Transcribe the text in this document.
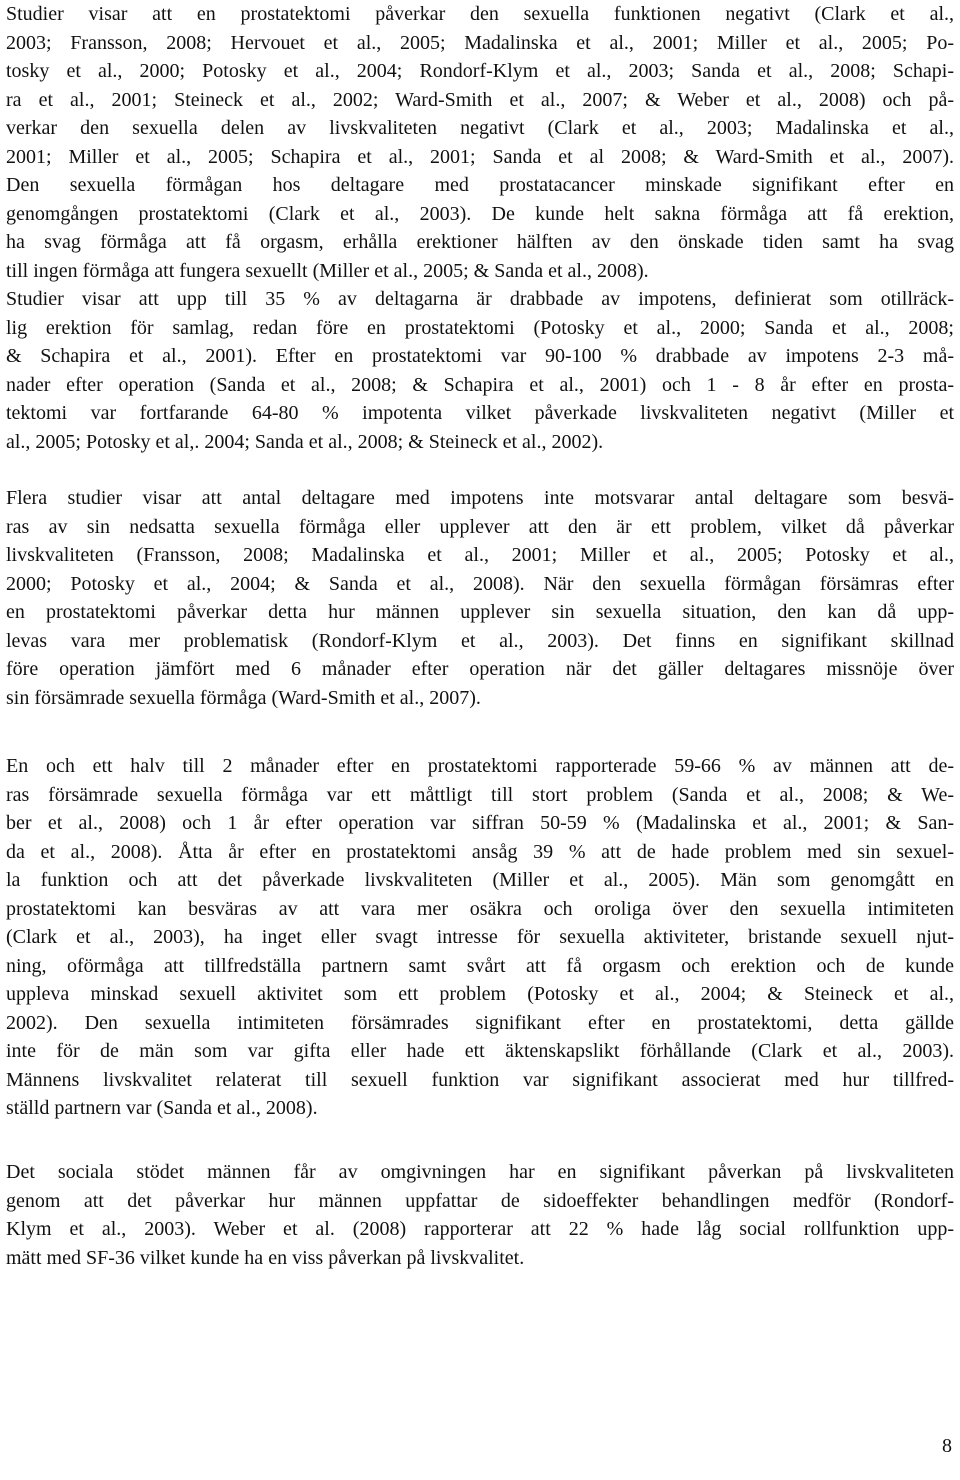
Studier visar att en prostatektomi påverkar den sexuella funktionen negativt (Clark et al.,
2003; Fransson, 2008; Hervouet et al., 2005; Madalinska et al., 2001; Miller et al., 2005; Po-
tosky et al., 2000; Potosky et al., 2004; Rondorf-Klym et al., 2003; Sanda et al., 2008; Schapi-
ra et al., 2001; Steineck et al., 2002; Ward-Smith et al., 2007; & Weber et al., 2008) och på-
verkar den sexuella delen av livskvaliteten negativt (Clark et al., 2003; Madalinska et al.,
2001; Miller et al., 2005; Schapira et al., 2001; Sanda et al 2008; & Ward-Smith et al., 2007).
Den sexuella förmågan hos deltagare med prostatacancer minskade signifikant efter en
genomgången prostatektomi (Clark et al., 2003). De kunde helt sakna förmåga att få erektion,
ha svag förmåga att få orgasm, erhålla erektioner hälften av den önskade tiden samt ha svag
till ingen förmåga att fungera sexuellt (Miller et al., 2005; & Sanda et al., 2008).
Studier visar att upp till 35 % av deltagarna är drabbade av impotens, definierat som otillräck-
lig erektion för samlag, redan före en prostatektomi (Potosky et al., 2000; Sanda et al., 2008;
& Schapira et al., 2001). Efter en prostatektomi var 90-100 % drabbade av impotens 2-3 må-
nader efter operation (Sanda et al., 2008; & Schapira et al., 2001) och 1 - 8 år efter en prosta-
tektomi var fortfarande 64-80 % impotenta vilket påverkade livskvaliteten negativt (Miller et
al., 2005; Potosky et al,. 2004; Sanda et al., 2008; & Steineck et al., 2002).
Flera studier visar att antal deltagare med impotens inte motsvarar antal deltagare som besvä-
ras av sin nedsatta sexuella förmåga eller upplever att den är ett problem, vilket då påverkar
livskvaliteten (Fransson, 2008; Madalinska et al., 2001; Miller et al., 2005; Potosky et al.,
2000; Potosky et al., 2004; & Sanda et al., 2008). När den sexuella förmågan försämras efter
en prostatektomi påverkar detta hur männen upplever sin sexuella situation, den kan då upp-
levas vara mer problematisk (Rondorf-Klym et al., 2003). Det finns en signifikant skillnad
före operation jämfört med 6 månader efter operation när det gäller deltagares missnöje över
sin försämrade sexuella förmåga (Ward-Smith et al., 2007).
En och ett halv till 2 månader efter en prostatektomi rapporterade 59-66 % av männen att de-
ras försämrade sexuella förmåga var ett måttligt till stort problem (Sanda et al., 2008; & We-
ber et al., 2008) och 1 år efter operation var siffran 50-59 % (Madalinska et al., 2001; & San-
da et al., 2008). Åtta år efter en prostatektomi ansåg 39 % att de hade problem med sin sexuel-
la funktion och att det påverkade livskvaliteten (Miller et al., 2005). Män som genomgått en
prostatektomi kan besväras av att vara mer osäkra och oroliga över den sexuella intimiteten
(Clark et al., 2003), ha inget eller svagt intresse för sexuella aktiviteter, bristande sexuell njut-
ning, oförmåga att tillfredställa partnern samt svårt att få orgasm och erektion och de kunde
uppleva minskad sexuell aktivitet som ett problem (Potosky et al., 2004; & Steineck et al.,
2002). Den sexuella intimiteten försämrades signifikant efter en prostatektomi, detta gällde
inte för de män som var gifta eller hade ett äktenskapslikt förhållande (Clark et al., 2003).
Männens livskvalitet relaterat till sexuell funktion var signifikant associerat med hur tillfred-
ställd partnern var (Sanda et al., 2008).
Det sociala stödet männen får av omgivningen har en signifikant påverkan på livskvaliteten
genom att det påverkar hur männen uppfattar de sidoeffekter behandlingen medför (Rondorf-
Klym et al., 2003). Weber et al. (2008) rapporterar att 22 % hade låg social rollfunktion upp-
mätt med SF-36 vilket kunde ha en viss påverkan på livskvalitet.
8
